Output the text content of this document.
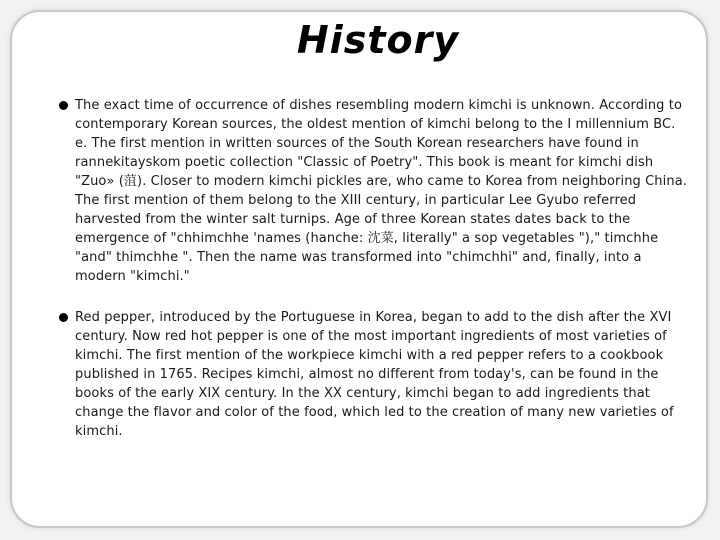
History
The exact time of occurrence of dishes resembling modern kimchi is unknown. According to contemporary Korean sources, the oldest mention of kimchi belong to the I millennium BC. e. The first mention in written sources of the South Korean researchers have found in rannekitayskom poetic collection "Classic of Poetry". This book is meant for kimchi dish "Zuo» (菹). Closer to modern kimchi pickles are, who came to Korea from neighboring China. The first mention of them belong to the XIII century, in particular Lee Gyubo referred harvested from the winter salt turnips. Age of three Korean states dates back to the emergence of "chhimchhe 'names (hanche: 沈菜, literally" a sop vegetables ")," timchhe "and" thimchhe ". Then the name was transformed into "chimchhi" and, finally, into a modern "kimchi."
Red pepper, introduced by the Portuguese in Korea, began to add to the dish after the XVI century. Now red hot pepper is one of the most important ingredients of most varieties of kimchi. The first mention of the workpiece kimchi with a red pepper refers to a cookbook published in 1765. Recipes kimchi, almost no different from today's, can be found in the books of the early XIX century. In the XX century, kimchi began to add ingredients that change the flavor and color of the food, which led to the creation of many new varieties of kimchi.
